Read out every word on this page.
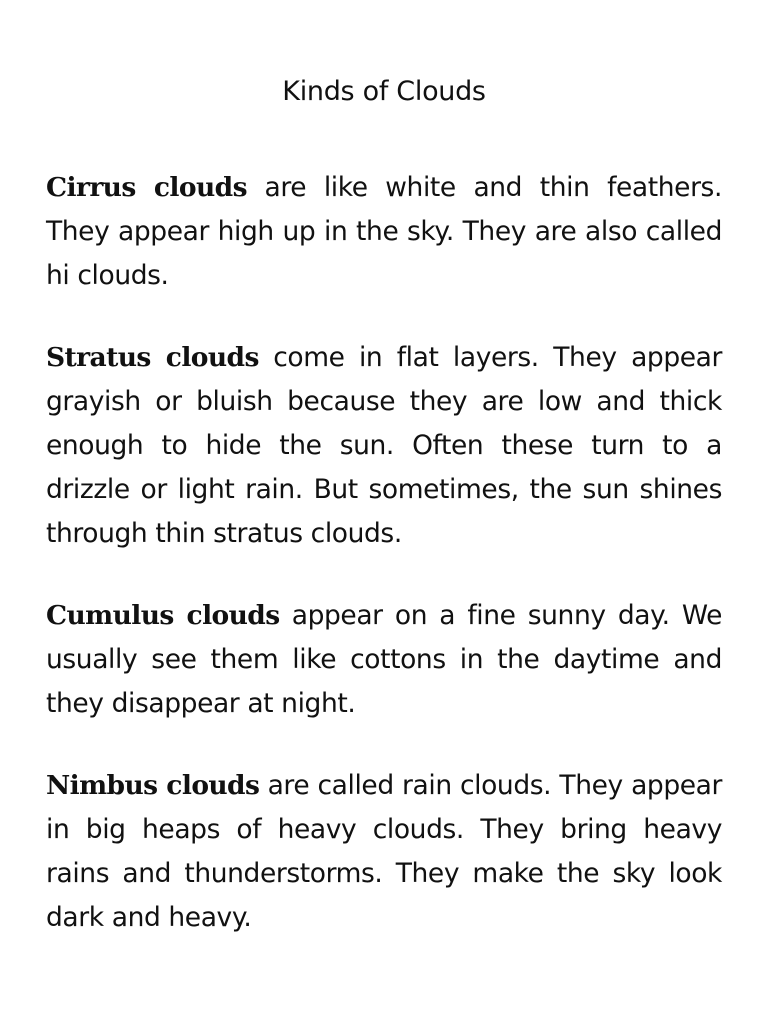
Kinds of Clouds

Cirrus clouds are like white and thin feathers. They appear high up in the sky. They are also called hi clouds.

Stratus clouds come in flat layers. They appear grayish or bluish because they are low and thick enough to hide the sun. Often these turn to a drizzle or light rain. But sometimes, the sun shines through thin stratus clouds.

Cumulus clouds appear on a fine sunny day. We usually see them like cottons in the daytime and they disappear at night.

Nimbus clouds are called rain clouds. They appear in big heaps of heavy clouds. They bring heavy rains and thunderstorms. They make the sky look dark and heavy.
